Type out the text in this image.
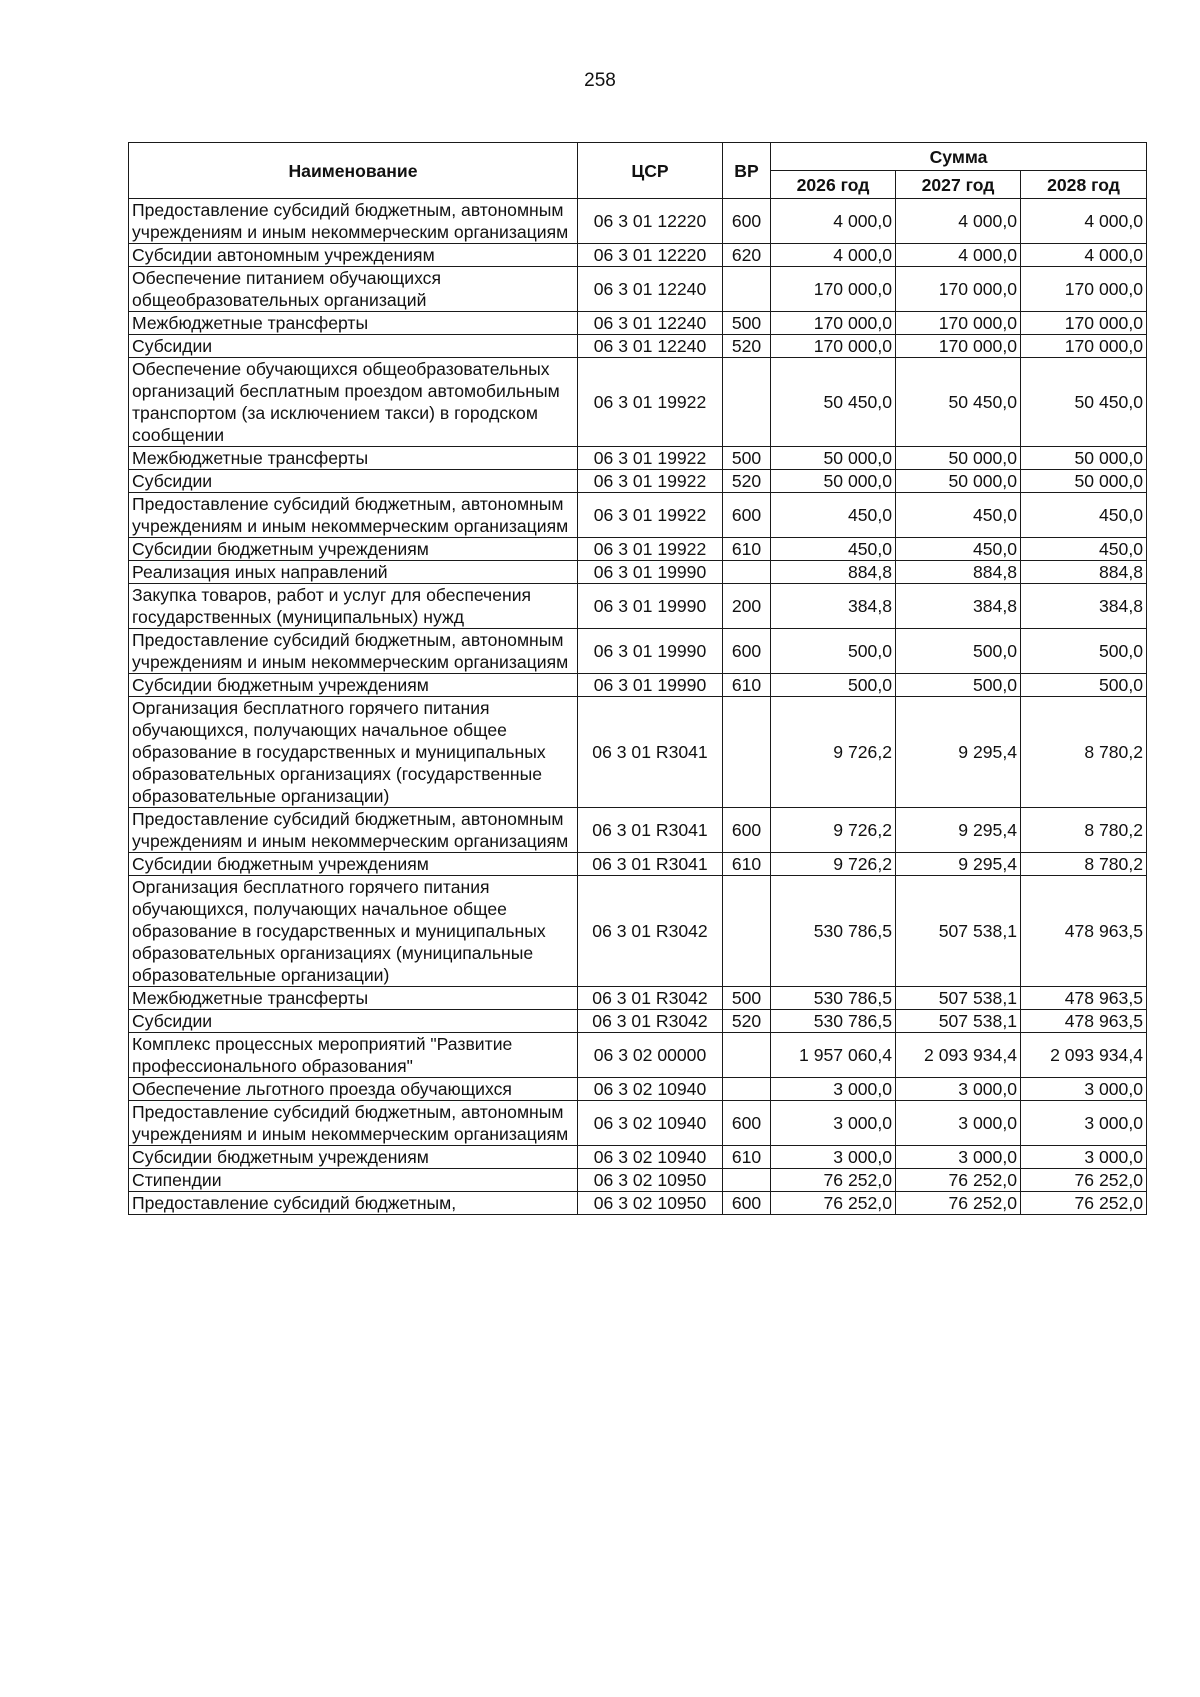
258
Наименование	ЦСР	ВР	Сумма		
			2026 год	2027 год	2028 год
Предоставление субсидий бюджетным, автономным учреждениям и иным некоммерческим организациям	06 3 01 12220	600	4 000,0	4 000,0	4 000,0
Субсидии автономным учреждениям	06 3 01 12220	620	4 000,0	4 000,0	4 000,0
Обеспечение питанием обучающихся общеобразовательных организаций	06 3 01 12240		170 000,0	170 000,0	170 000,0
Межбюджетные трансферты	06 3 01 12240	500	170 000,0	170 000,0	170 000,0
Субсидии	06 3 01 12240	520	170 000,0	170 000,0	170 000,0
Обеспечение обучающихся общеобразовательных организаций бесплатным проездом автомобильным транспортом (за исключением такси) в городском сообщении	06 3 01 19922		50 450,0	50 450,0	50 450,0
Межбюджетные трансферты	06 3 01 19922	500	50 000,0	50 000,0	50 000,0
Субсидии	06 3 01 19922	520	50 000,0	50 000,0	50 000,0
Предоставление субсидий бюджетным, автономным учреждениям и иным некоммерческим организациям	06 3 01 19922	600	450,0	450,0	450,0
Субсидии бюджетным учреждениям	06 3 01 19922	610	450,0	450,0	450,0
Реализация иных направлений	06 3 01 19990		884,8	884,8	884,8
Закупка товаров, работ и услуг для обеспечения государственных (муниципальных) нужд	06 3 01 19990	200	384,8	384,8	384,8
Предоставление субсидий бюджетным, автономным учреждениям и иным некоммерческим организациям	06 3 01 19990	600	500,0	500,0	500,0
Субсидии бюджетным учреждениям	06 3 01 19990	610	500,0	500,0	500,0
Организация бесплатного горячего питания обучающихся, получающих начальное общее образование в государственных и муниципальных образовательных организациях (государственные образовательные организации)	06 3 01 R3041		9 726,2	9 295,4	8 780,2
Предоставление субсидий бюджетным, автономным учреждениям и иным некоммерческим организациям	06 3 01 R3041	600	9 726,2	9 295,4	8 780,2
Субсидии бюджетным учреждениям	06 3 01 R3041	610	9 726,2	9 295,4	8 780,2
Организация бесплатного горячего питания обучающихся, получающих начальное общее образование в государственных и муниципальных образовательных организациях (муниципальные образовательные организации)	06 3 01 R3042		530 786,5	507 538,1	478 963,5
Межбюджетные трансферты	06 3 01 R3042	500	530 786,5	507 538,1	478 963,5
Субсидии	06 3 01 R3042	520	530 786,5	507 538,1	478 963,5
Комплекс процессных мероприятий "Развитие профессионального образования"	06 3 02 00000		1 957 060,4	2 093 934,4	2 093 934,4
Обеспечение льготного проезда обучающихся	06 3 02 10940		3 000,0	3 000,0	3 000,0
Предоставление субсидий бюджетным, автономным учреждениям и иным некоммерческим организациям	06 3 02 10940	600	3 000,0	3 000,0	3 000,0
Субсидии бюджетным учреждениям	06 3 02 10940	610	3 000,0	3 000,0	3 000,0
Стипендии	06 3 02 10950		76 252,0	76 252,0	76 252,0
Предоставление субсидий бюджетным,	06 3 02 10950	600	76 252,0	76 252,0	76 252,0
